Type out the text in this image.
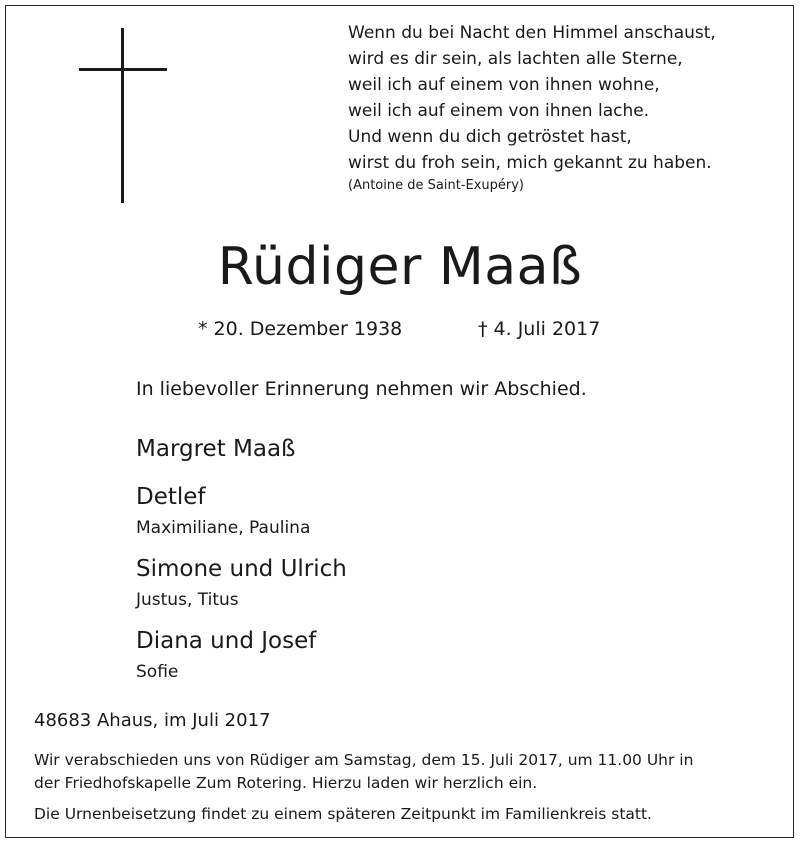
Wenn du bei Nacht den Himmel anschaust,
wird es dir sein, als lachten alle Sterne,
weil ich auf einem von ihnen wohne,
weil ich auf einem von ihnen lache.
Und wenn du dich getröstet hast,
wirst du froh sein, mich gekannt zu haben.
(Antoine de Saint-Exupéry)
Rüdiger Maaß
* 20. Dezember 1938	† 4. Juli 2017
In liebevoller Erinnerung nehmen wir Abschied.
Margret Maaß
Detlef
Maximiliane, Paulina
Simone und Ulrich
Justus, Titus
Diana und Josef
Sofie
48683 Ahaus, im Juli 2017
Wir verabschieden uns von Rüdiger am Samstag, dem 15. Juli 2017, um 11.00 Uhr in
der Friedhofskapelle Zum Rotering. Hierzu laden wir herzlich ein.
Die Urnenbeisetzung findet zu einem späteren Zeitpunkt im Familienkreis statt.
